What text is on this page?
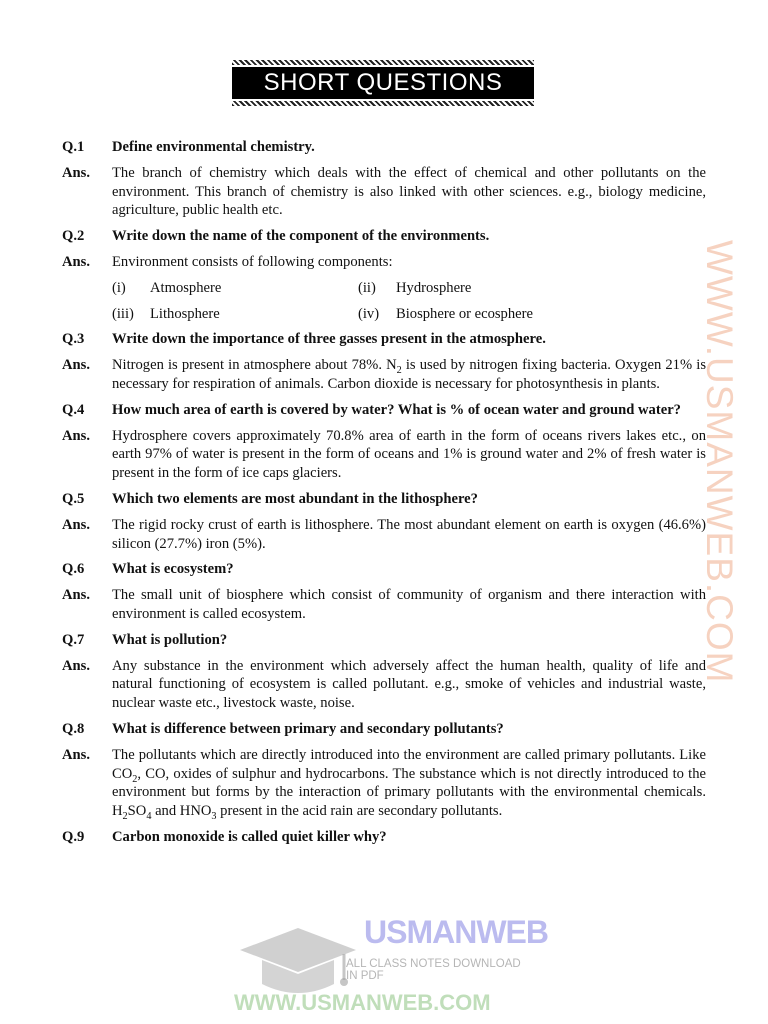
SHORT QUESTIONS
Q.1	Define environmental chemistry.
Ans.	The branch of chemistry which deals with the effect of chemical and other pollutants on the environment. This branch of chemistry is also linked with other sciences. e.g., biology medicine, agriculture, public health etc.
Q.2	Write down the name of the component of the environments.
Ans.	Environment consists of following components:
(i)	Atmosphere	(ii)	Hydrosphere
(iii)	Lithosphere	(iv)	Biosphere or ecosphere
Q.3	Write down the importance of three gasses present in the atmosphere.
Ans.	Nitrogen is present in atmosphere about 78%. $N_2$ is used by nitrogen fixing bacteria. Oxygen 21% is necessary for respiration of animals. Carbon dioxide is necessary for photosynthesis in plants.
Q.4	How much area of earth is covered by water? What is % of ocean water and ground water?
Ans.	Hydrosphere covers approximately 70.8% area of earth in the form of oceans rivers lakes etc., on earth 97% of water is present in the form of oceans and 1% is ground water and 2% of fresh water is present in the form of ice caps glaciers.
Q.5	Which two elements are most abundant in the lithosphere?
Ans.	The rigid rocky crust of earth is lithosphere. The most abundant element on earth is oxygen (46.6%) silicon (27.7%) iron (5%).
Q.6	What is ecosystem?
Ans.	The small unit of biosphere which consist of community of organism and there interaction with environment is called ecosystem.
Q.7	What is pollution?
Ans.	Any substance in the environment which adversely affect the human health, quality of life and natural functioning of ecosystem is called pollutant. e.g., smoke of vehicles and industrial waste, nuclear waste etc., livestock waste, noise.
Q.8	What is difference between primary and secondary pollutants?
Ans.	The pollutants which are directly introduced into the environment are called primary pollutants. Like $CO_2$, CO, oxides of sulphur and hydrocarbons. The substance which is not directly introduced to the environment but forms by the interaction of primary pollutants with the environmental chemicals. $H_2SO_4$ and $HNO_3$ present in the acid rain are secondary pollutants.
Q.9	Carbon monoxide is called quiet killer why?
WWW.USMANWEB.COM
USMANWEB
ALL CLASS NOTES DOWNLOAD IN PDF
WWW.USMANWEB.COM
